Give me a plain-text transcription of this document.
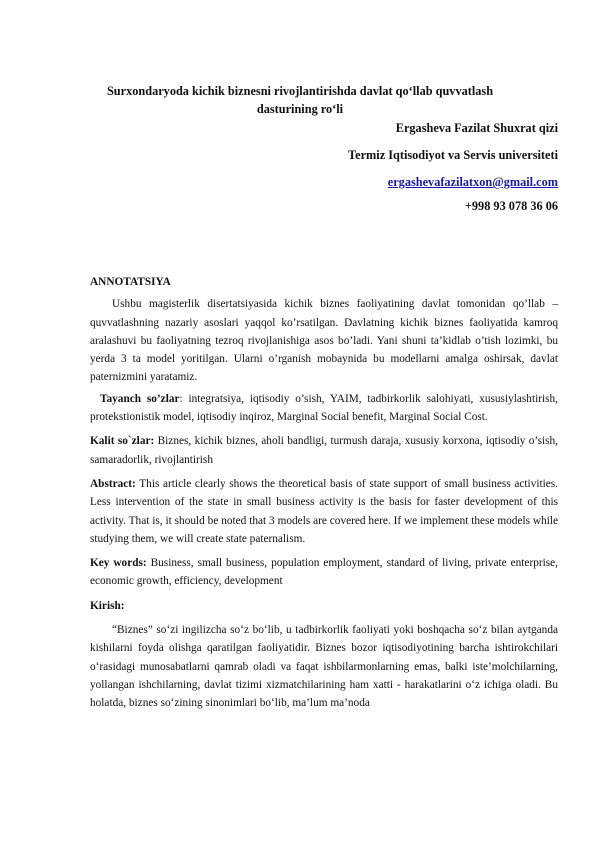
Surxondaryoda kichik biznesni rivojlantirishda davlat qo‘llab quvvatlash
dasturining ro‘li
Ergasheva Fazilat Shuxrat qizi
Termiz Iqtisodiyot va Servis universiteti
ergashevafazilatxon@gmail.com
+998 93 078 36 06

ANNOTATSIYA

Ushbu magisterlik disertatsiyasida kichik biznes faoliyatining davlat tomonidan qo’llab – quvvatlashning nazariy asoslari yaqqol ko’rsatilgan. Davlatning kichik biznes faoliyatida kamroq aralashuvi bu faoliyatning tezroq rivojlanishiga asos bo’ladi. Yani shuni ta’kidlab o’tish lozimki, bu yerda 3 ta model yoritilgan. Ularni o’rganish mobaynida bu modellarni amalga oshirsak, davlat paternizmini yaratamiz.

Tayanch so’zlar: integratsiya, iqtisodiy o’sish, YAIM, tadbirkorlik salohiyati, xususiylashtirish, protekstionistik model, iqtisodiy inqiroz, Marginal Social benefit, Marginal Social Cost.

Kalit so`zlar: Biznes, kichik biznes, aholi bandligi, turmush daraja, xususiy korxona, iqtisodiy o’sish, samaradorlik, rivojlantirish

Abstract: This article clearly shows the theoretical basis of state support of small business activities. Less intervention of the state in small business activity is the basis for faster development of this activity. That is, it should be noted that 3 models are covered here. If we implement these models while studying them, we will create state paternalism.

Key words: Business, small business, population employment, standard of living, private enterprise, economic growth, efficiency, development

Kirish:

“Biznes” so‘zi ingilizcha so‘z bo‘lib, u tadbirkorlik faoliyati yoki boshqacha so‘z bilan aytganda kishilarni foyda olishga qaratilgan faoliyatidir. Biznes bozor iqtisodiyotining barcha ishtirokchilari o‘rasidagi munosabatlarni qamrab oladi va faqat ishbilarmonlarning emas, balki iste’molchilarning, yollangan ishchilarning, davlat tizimi xizmatchilarining ham xatti - harakatlarini o‘z ichiga oladi. Bu holatda, biznes so‘zining sinonimlari bo‘lib, ma’lum ma’noda
